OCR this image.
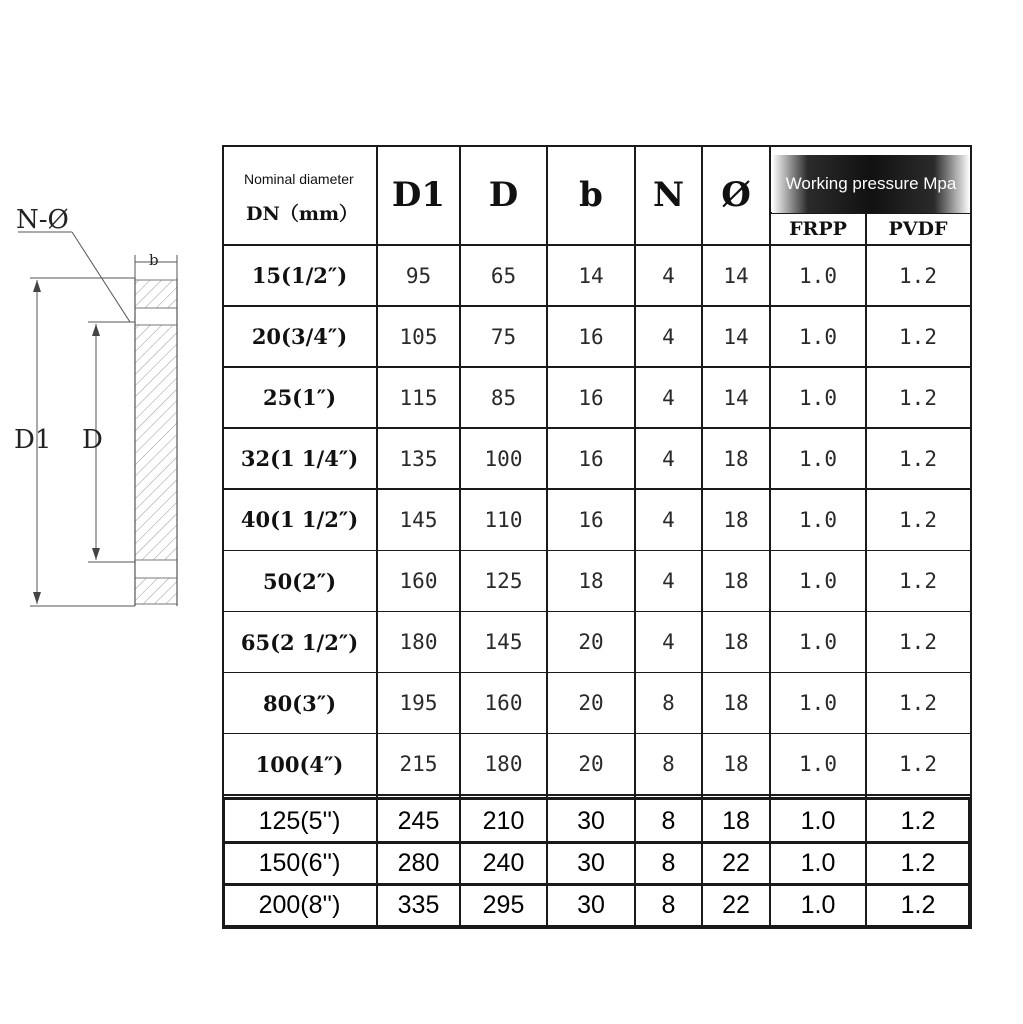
b
D1 D
N-Ø
Nominal diameter
DN（mm） D1	D	b	N	Ø	Working pressure Mpa
FRPP	PVDF
15(1/2″)	95	65	14	4	14	1.0	1.2
20(3/4″)	105	75	16	4	14	1.0	1.2
25(1″)	115	85	16	4	14	1.0	1.2
32(1 1/4″)	135	100	16	4	18	1.0	1.2
40(1 1/2″)	145	110	16	4	18	1.0	1.2
50(2″)	160	125	18	4	18	1.0	1.2
65(2 1/2″)	180	145	20	4	18	1.0	1.2
80(3″)	195	160	20	8	18	1.0	1.2
100(4″)	215	180	20	8	18	1.0	1.2
125(5'')	245	210	30	8	18	1.0	1.2
150(6'')	280	240	30	8	22	1.0	1.2
200(8'')	335	295	30	8	22	1.0	1.2
